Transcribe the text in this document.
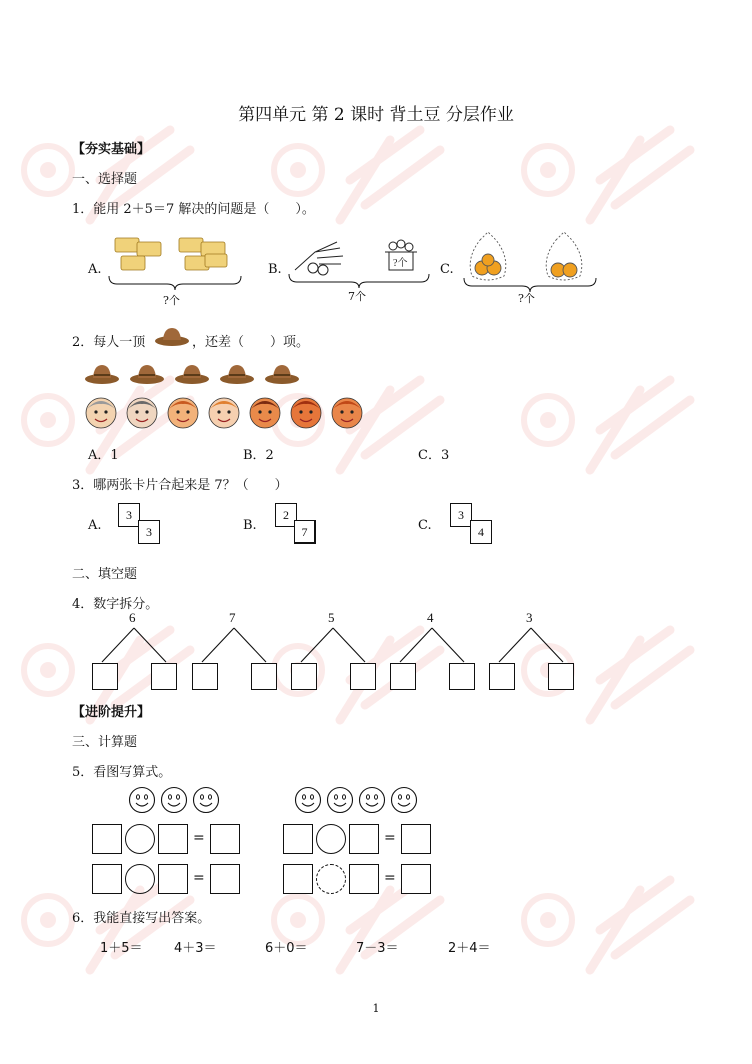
第四单元 第 2 课时 背土豆 分层作业
【夯实基础】
一、选择题
1．能用 2＋5＝7 解决的问题是（　　）。
A.
?个
B.	?个
7个
C.
?个
2．每人一顶	，还差（　　）项。
A．1	B．2	C．3
3．哪两张卡片合起来是 7？（　　）
A.
3
3	B.
2
7	C.
3
4
二、填空题
4．数字拆分。
6	7	5	4	3
【进阶提升】
三、计算题
5．看图写算式。
=	=
=	=
6．我能直接写出答案。
1＋5＝ 4＋3＝	6＋0＝	7－3＝	2＋4＝
1
